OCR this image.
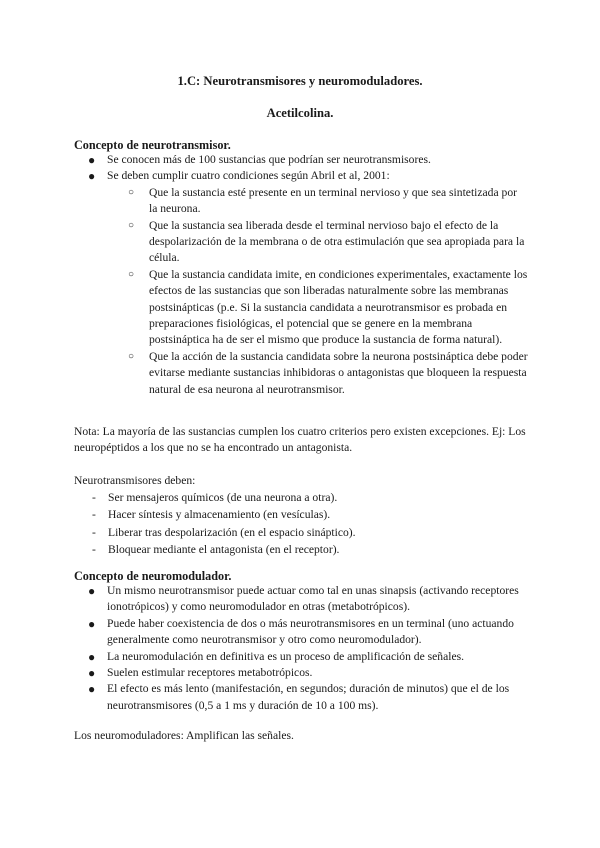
1.C: Neurotransmisores y neuromoduladores.
Acetilcolina.
Concepto de neurotransmisor.
● Se conocen más de 100 sustancias que podrían ser neurotransmisores.
● Se deben cumplir cuatro condiciones según Abril et al, 2001:
○ Que la sustancia esté presente en un terminal nervioso y que sea sintetizada por la neurona.
○ Que la sustancia sea liberada desde el terminal nervioso bajo el efecto de la despolarización de la membrana o de otra estimulación que sea apropiada para la célula.
○ Que la sustancia candidata imite, en condiciones experimentales, exactamente los efectos de las sustancias que son liberadas naturalmente sobre las membranas postsinápticas (p.e. Si la sustancia candidata a neurotransmisor es probada en preparaciones fisiológicas, el potencial que se genere en la membrana postsináptica ha de ser el mismo que produce la sustancia de forma natural).
○ Que la acción de la sustancia candidata sobre la neurona postsináptica debe poder evitarse mediante sustancias inhibidoras o antagonistas que bloqueen la respuesta natural de esa neurona al neurotransmisor.
Nota: La mayoría de las sustancias cumplen los cuatro criterios pero existen excepciones. Ej: Los neuropéptidos a los que no se ha encontrado un antagonista.
Neurotransmisores deben:
- Ser mensajeros químicos (de una neurona a otra).
- Hacer síntesis y almacenamiento (en vesículas).
- Liberar tras despolarización (en el espacio sináptico).
- Bloquear mediante el antagonista (en el receptor).
Concepto de neuromodulador.
● Un mismo neurotransmisor puede actuar como tal en unas sinapsis (activando receptores ionotrópicos) y como neuromodulador en otras (metabotrópicos).
● Puede haber coexistencia de dos o más neurotransmisores en un terminal (uno actuando generalmente como neurotransmisor y otro como neuromodulador).
● La neuromodulación en definitiva es un proceso de amplificación de señales.
● Suelen estimular receptores metabotrópicos.
● El efecto es más lento (manifestación, en segundos; duración de minutos) que el de los neurotransmisores (0,5 a 1 ms y duración de 10 a 100 ms).
Los neuromoduladores: Amplifican las señales.
